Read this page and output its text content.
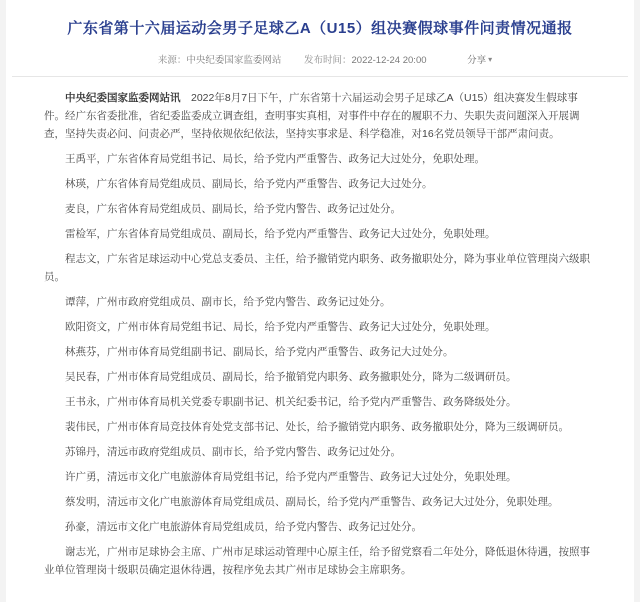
广东省第十六届运动会男子足球乙A（U15）组决赛假球事件问责情况通报
来源：中央纪委国家监委网站 发布时间：2022-12-24 20:00	分享 ▾

中央纪委国家监委网站讯　2022年8月7日下午，广东省第十六届运动会男子足球乙A（U15）组决赛发生假球事件。经广东省委批准，省纪委监委成立调查组，查明事实真相，对事件中存在的履职不力、失职失责问题深入开展调查，坚持失责必问、问责必严，坚持依规依纪依法，坚持实事求是、科学稳准，对16名党员领导干部严肃问责。

王禹平，广东省体育局党组书记、局长，给予党内严重警告、政务记大过处分，免职处理。

林瑛，广东省体育局党组成员、副局长，给予党内严重警告、政务记大过处分。

麦良，广东省体育局党组成员、副局长，给予党内警告、政务记过处分。

雷检军，广东省体育局党组成员、副局长，给予党内严重警告、政务记大过处分，免职处理。

程志文，广东省足球运动中心党总支委员、主任，给予撤销党内职务、政务撤职处分，降为事业单位管理岗六级职员。

谭萍，广州市政府党组成员、副市长，给予党内警告、政务记过处分。

欧阳资文，广州市体育局党组书记、局长，给予党内严重警告、政务记大过处分，免职处理。

林燕芬，广州市体育局党组副书记、副局长，给予党内严重警告、政务记大过处分。

吴民春，广州市体育局党组成员、副局长，给予撤销党内职务、政务撤职处分，降为二级调研员。

王书永，广州市体育局机关党委专职副书记、机关纪委书记，给予党内严重警告、政务降级处分。

裴伟民，广州市体育局竞技体育处党支部书记、处长，给予撤销党内职务、政务撤职处分，降为三级调研员。

苏锦丹，清远市政府党组成员、副市长，给予党内警告、政务记过处分。

许广勇，清远市文化广电旅游体育局党组书记，给予党内严重警告、政务记大过处分，免职处理。

蔡发明，清远市文化广电旅游体育局党组成员、副局长，给予党内严重警告、政务记大过处分，免职处理。

孙豪，清远市文化广电旅游体育局党组成员，给予党内警告、政务记过处分。

谢志光，广州市足球协会主席、广州市足球运动管理中心原主任，给予留党察看二年处分，降低退休待遇，按照事业单位管理岗十级职员确定退休待遇，按程序免去其广州市足球协会主席职务。
